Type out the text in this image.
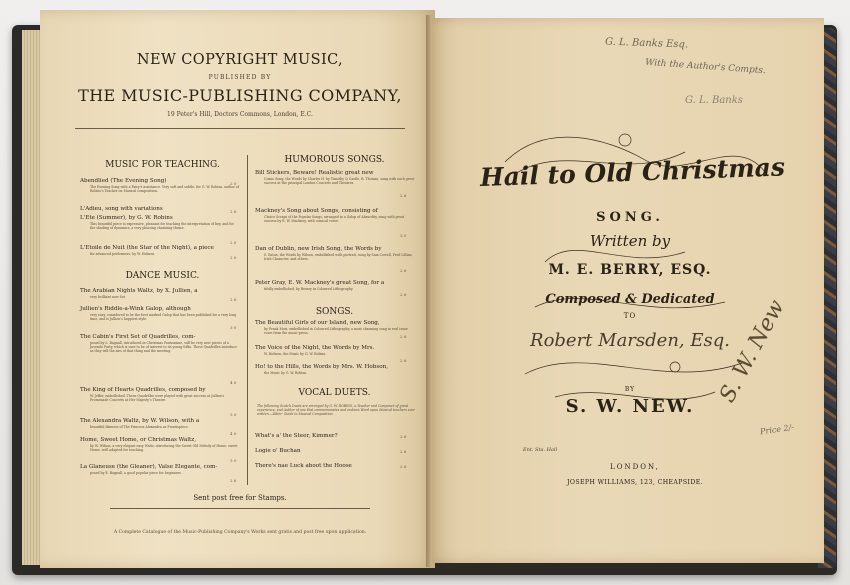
NEW COPYRIGHT MUSIC,
PUBLISHED BY
THE MUSIC-PUBLISHING COMPANY,
19 Peter's Hill, Doctors Commons, London, E.C.
MUSIC FOR TEACHING.
Abendlied (The Evening Song)
The Evening Song with a Fairy's assistance. Very soft and subtle, for G. W. Robins, author of Robins's Teacher on Musical composition.
L'Adieu, song with variations
L'Ete (Summer), by G. W. Robins
This beautiful piece is expressive, pleasant for teaching the interpretation of key, and for the shading of dynamics, a very pleasing charming theme.
L'Etoile de Nuit (the Star of the Night), a piece
for advanced performers, by W. Hobson.
DANCE MUSIC.
The Arabian Nights Waltz, by X. Jullien, a
very brilliant new Set.
Jullien's Riddle-a-Wink Galop, although
very easy, considered to be the best marked Galop that has been published for a very long time, and is Jullien's happiest style.
The Cabin's First Set of Quadrilles, com-
posed by L. Bagnall, introduced in Christmas Pantomime, will be very new pieces of a Juvenile Party, which is sure to be of interest to its young folks. These Quadrilles introduce as they will the airs of that thing and the meeting.
The King of Hearts Quadrilles, composed by
W. Jeffer, embellished. These Quadrilles were played with great success at Jullien's Promenade Concerts at Her Majesty's Theatre.
The Alexandra Waltz, by W. Wilson, with a
beautiful likeness of The Princess Alexandra as Frontispiece.
Home, Sweet Home, or Christmas Waltz,
by W. Wilson, a very elegant easy Waltz, introducing the Sweet Old Melody of Home, sweet Home, well adapted for teaching.
La Glaneuse (the Gleaner), Valse Elegante, com-
posed by E. Bagnall, a good popular piece for beginners.
HUMOROUS SONGS.
Bill Stickers, Beware! Realistic great new
Comic Song, the Words by Charles H. by Timothy & Castle, R. Thomas, sung with such great success at the principal London Concerts and Theatres.
Mackney's Song about Songs, consisting of
Choice Scraps of the Popular Songs, arranged in a Galop of Absurdity, sung with great success by E. W. Mackney, with comical verse.
Dan of Dublin, new Irish Song, the Words by
S. Eaton, the Words by Wilson, embellished with portrait, sung by Sam Cowell, Fred Lillian, Irish Character, and others.
Peter Gray, E. W. Mackney's great Song, for a
tifully embellished, by Bessey in Coloured Lithography.
SONGS.
The Beautiful Girls of our Island, new Song,
by Frank Mori, embellished in Coloured Lithography, a most charming song in real tenor voice from the music-press.
The Voice of the Night, the Words by Mrs.
W. Hobson, the Music by G. W. Robins.
Ho! to the Hills, the Words by Mrs. W. Hobson,
the Music by G. W. Robins.
VOCAL DUETS.
The following Scotch Duets are arranged by G. W. ROBINS, a Teacher and Composer of great experience, and Author of one that commemorates and endows Word upon Musical teachers ever written.—Edinr' Guide to Musical Composition.
What's a' the Steer, Kimmer?
Logie o' Buchan
There's nae Luck aboot the Hoose
2 0
2 6
2 0
2 0
2 6
3 0
4 0
3 0
4 0
3 0
2 6
2 6
3 0
2 6
2 6
2 6
2 6
2 6
2 6
2 6
Sent post free for Stamps.
A Complete Catalogue of the Music-Publishing Company's Works sent gratis and post free upon application.
G. L. Banks Esq.
With the Author's Compts.
G. L. Banks
Hail to Old Christmas
SONG.
Written by
M. E. BERRY, ESQ.
Composed & Dedicated
TO
Robert Marsden, Esq.
BY
S. W. NEW.
Ent. Sta. Hall
LONDON,
JOSEPH WILLIAMS, 123, CHEAPSIDE.
S. W. New
Price 2/-
